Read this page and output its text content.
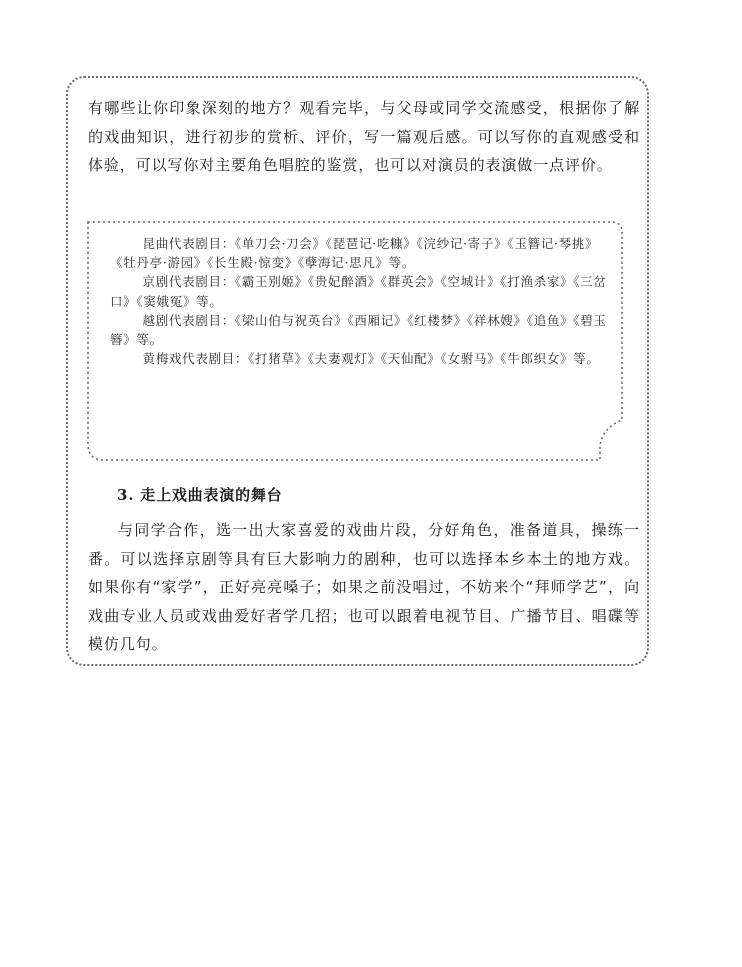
有哪些让你印象深刻的地方？观看完毕，与父母或同学交流感受，根据你了解的戏曲知识，进行初步的赏析、评价，写一篇观后感。可以写你的直观感受和体验，可以写你对主要角色唱腔的鉴赏，也可以对演员的表演做一点评价。

昆曲代表剧目：《单刀会·刀会》《琵琶记·吃糠》《浣纱记·寄子》《玉簪记·琴挑》《牡丹亭·游园》《长生殿·惊变》《孽海记·思凡》等。

京剧代表剧目：《霸王别姬》《贵妃醉酒》《群英会》《空城计》《打渔杀家》《三岔口》《窦娥冤》等。

越剧代表剧目：《梁山伯与祝英台》《西厢记》《红楼梦》《祥林嫂》《追鱼》《碧玉簪》等。

黄梅戏代表剧目：《打猪草》《夫妻观灯》《天仙配》《女驸马》《牛郎织女》等。

3. 走上戏曲表演的舞台

与同学合作，选一出大家喜爱的戏曲片段，分好角色，准备道具，操练一番。可以选择京剧等具有巨大影响力的剧种，也可以选择本乡本土的地方戏。如果你有“家学”，正好亮亮嗓子；如果之前没唱过，不妨来个“拜师学艺”，向戏曲专业人员或戏曲爱好者学几招；也可以跟着电视节目、广播节目、唱碟等模仿几句。
